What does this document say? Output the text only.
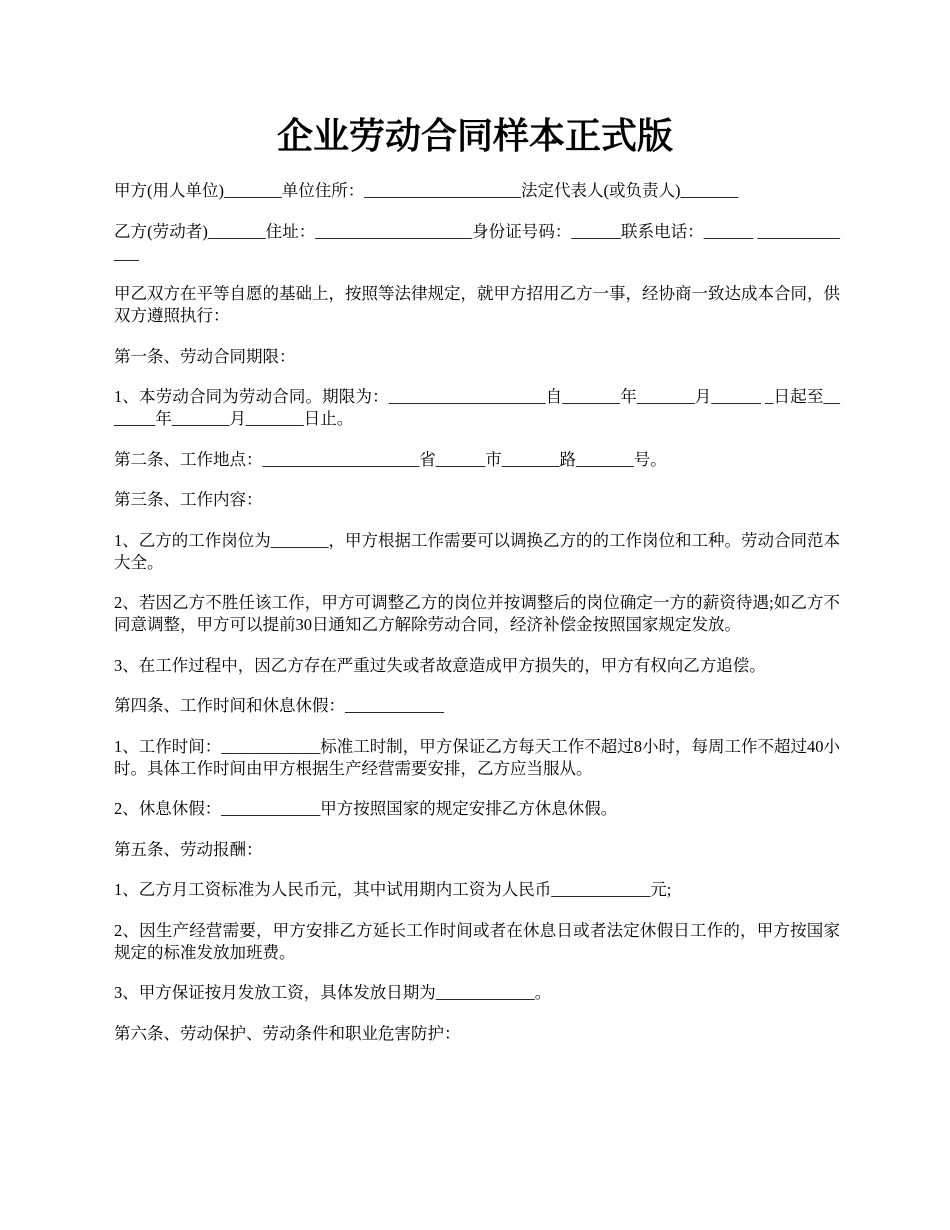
企业劳动合同样本正式版

甲方(用人单位)_______单位住所：___________________法定代表人(或负责人)_______

乙方(劳动者)_______住址：___________________身份证号码：______联系电话：______ _____________

甲乙双方在平等自愿的基础上，按照等法律规定，就甲方招用乙方一事，经协商一致达成本合同，供双方遵照执行：

第一条、劳动合同期限：

1、本劳动合同为劳动合同。期限为：___________________自_______年_______月______ _日起至_______年_______月_______日止。

第二条、工作地点：___________________省______市_______路_______号。

第三条、工作内容：

1、乙方的工作岗位为_______，甲方根据工作需要可以调换乙方的的工作岗位和工种。劳动合同范本大全。

2、若因乙方不胜任该工作，甲方可调整乙方的岗位并按调整后的岗位确定一方的薪资待遇;如乙方不同意调整，甲方可以提前30日通知乙方解除劳动合同，经济补偿金按照国家规定发放。

3、在工作过程中，因乙方存在严重过失或者故意造成甲方损失的，甲方有权向乙方追偿。

第四条、工作时间和休息休假：____________

1、工作时间：____________标准工时制，甲方保证乙方每天工作不超过8小时，每周工作不超过40小时。具体工作时间由甲方根据生产经营需要安排，乙方应当服从。

2、休息休假：____________甲方按照国家的规定安排乙方休息休假。

第五条、劳动报酬：

1、乙方月工资标准为人民币元，其中试用期内工资为人民币____________元;

2、因生产经营需要，甲方安排乙方延长工作时间或者在休息日或者法定休假日工作的，甲方按国家规定的标准发放加班费。

3、甲方保证按月发放工资，具体发放日期为____________。

第六条、劳动保护、劳动条件和职业危害防护：
